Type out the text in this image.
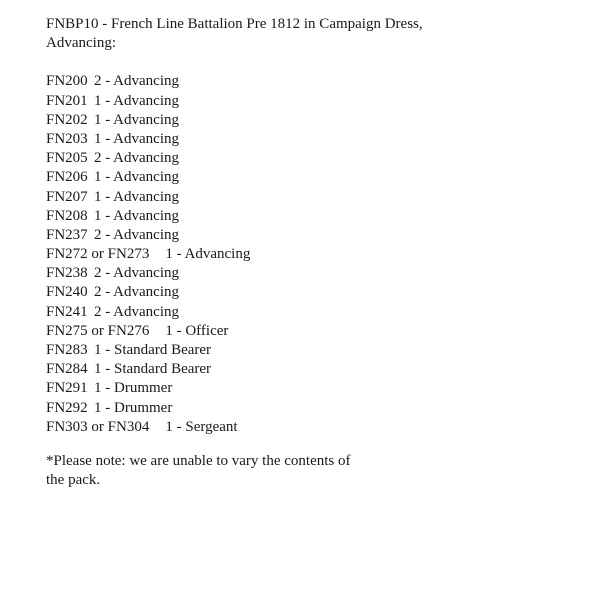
FNBP10 - French Line Battalion Pre 1812 in Campaign Dress,
Advancing:

FN200 2 - Advancing
FN201 1 - Advancing
FN202 1 - Advancing
FN203 1 - Advancing
FN205 2 - Advancing
FN206 1 - Advancing
FN207 1 - Advancing
FN208 1 - Advancing
FN237 2 - Advancing
FN272 or FN273 1 - Advancing
FN238 2 - Advancing
FN240 2 - Advancing
FN241 2 - Advancing
FN275 or FN276 1 - Officer
FN283 1 - Standard Bearer
FN284 1 - Standard Bearer
FN291 1 - Drummer
FN292 1 - Drummer
FN303 or FN304 1 - Sergeant
*Please note: we are unable to vary the contents of the pack.
